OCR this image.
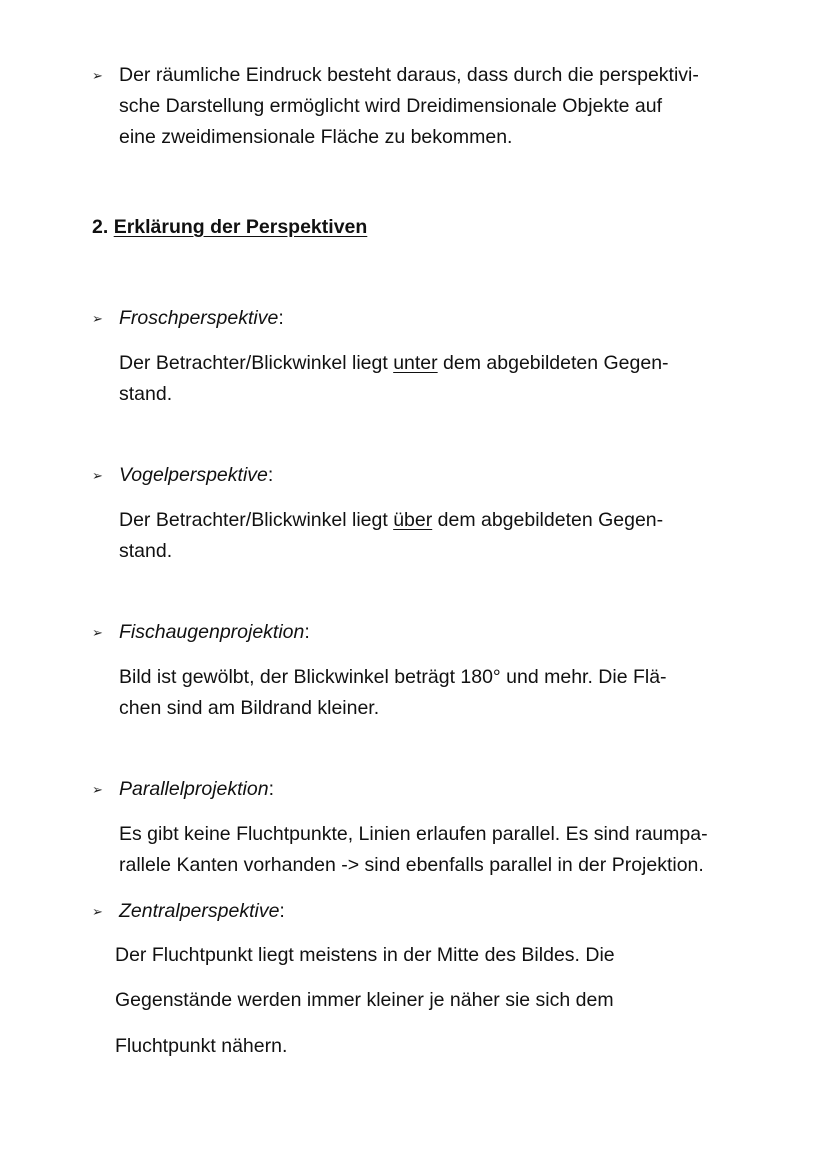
➢ Der räumliche Eindruck besteht daraus, dass durch die perspektivi-
sche Darstellung ermöglicht wird Dreidimensionale Objekte auf
eine zweidimensionale Fläche zu bekommen.
2. Erklärung der Perspektiven
➢ Froschperspektive:
Der Betrachter/Blickwinkel liegt unter dem abgebildeten Gegen-
stand.
➢ Vogelperspektive:
Der Betrachter/Blickwinkel liegt über dem abgebildeten Gegen-
stand.
➢ Fischaugenprojektion:
Bild ist gewölbt, der Blickwinkel beträgt 180° und mehr. Die Flä-
chen sind am Bildrand kleiner.
➢ Parallelprojektion:
Es gibt keine Fluchtpunkte, Linien erlaufen parallel. Es sind raumpa-
rallele Kanten vorhanden -> sind ebenfalls parallel in der Projektion.
➢ Zentralperspektive:
Der Fluchtpunkt liegt meistens in der Mitte des Bildes. Die
Gegenstände werden immer kleiner je näher sie sich dem
Fluchtpunkt nähern.
